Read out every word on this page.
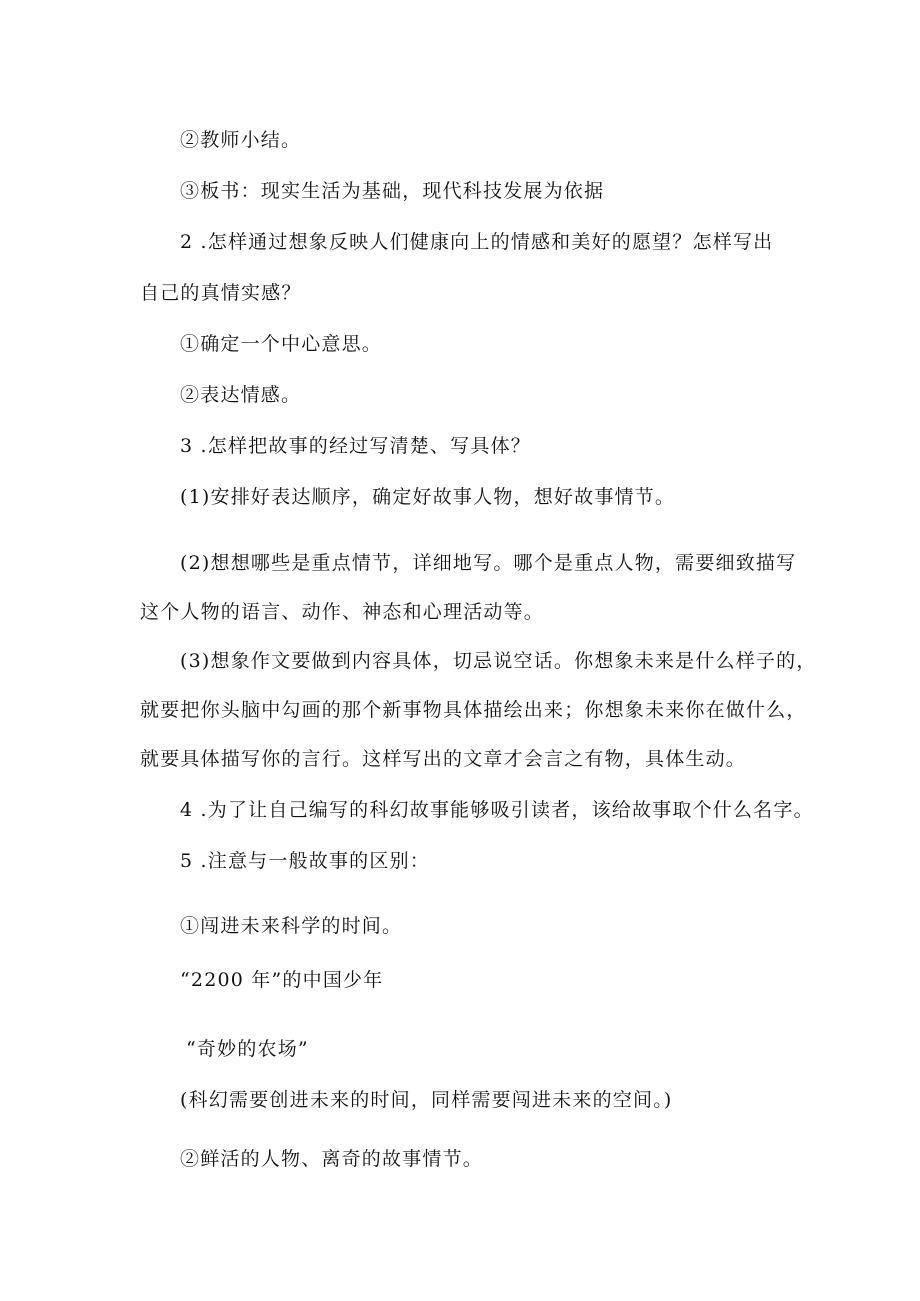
②教师小结。
③板书：现实生活为基础，现代科技发展为依据
2 .怎样通过想象反映人们健康向上的情感和美好的愿望？怎样写出
自己的真情实感？
①确定一个中心意思。
②表达情感。
3 .怎样把故事的经过写清楚、写具体？
(1)安排好表达顺序，确定好故事人物，想好故事情节。
(2)想想哪些是重点情节，详细地写。哪个是重点人物，需要细致描写
这个人物的语言、动作、神态和心理活动等。
(3)想象作文要做到内容具体，切忌说空话。你想象未来是什么样子的，
就要把你头脑中勾画的那个新事物具体描绘出来；你想象未来你在做什么，
就要具体描写你的言行。这样写出的文章才会言之有物，具体生动。
4 .为了让自己编写的科幻故事能够吸引读者，该给故事取个什么名字。
5 .注意与一般故事的区别：
①闯进未来科学的时间。
“2200 年”的中国少年
“奇妙的农场”
(科幻需要创进未来的时间，同样需要闯进未来的空间。)
②鲜活的人物、离奇的故事情节。
